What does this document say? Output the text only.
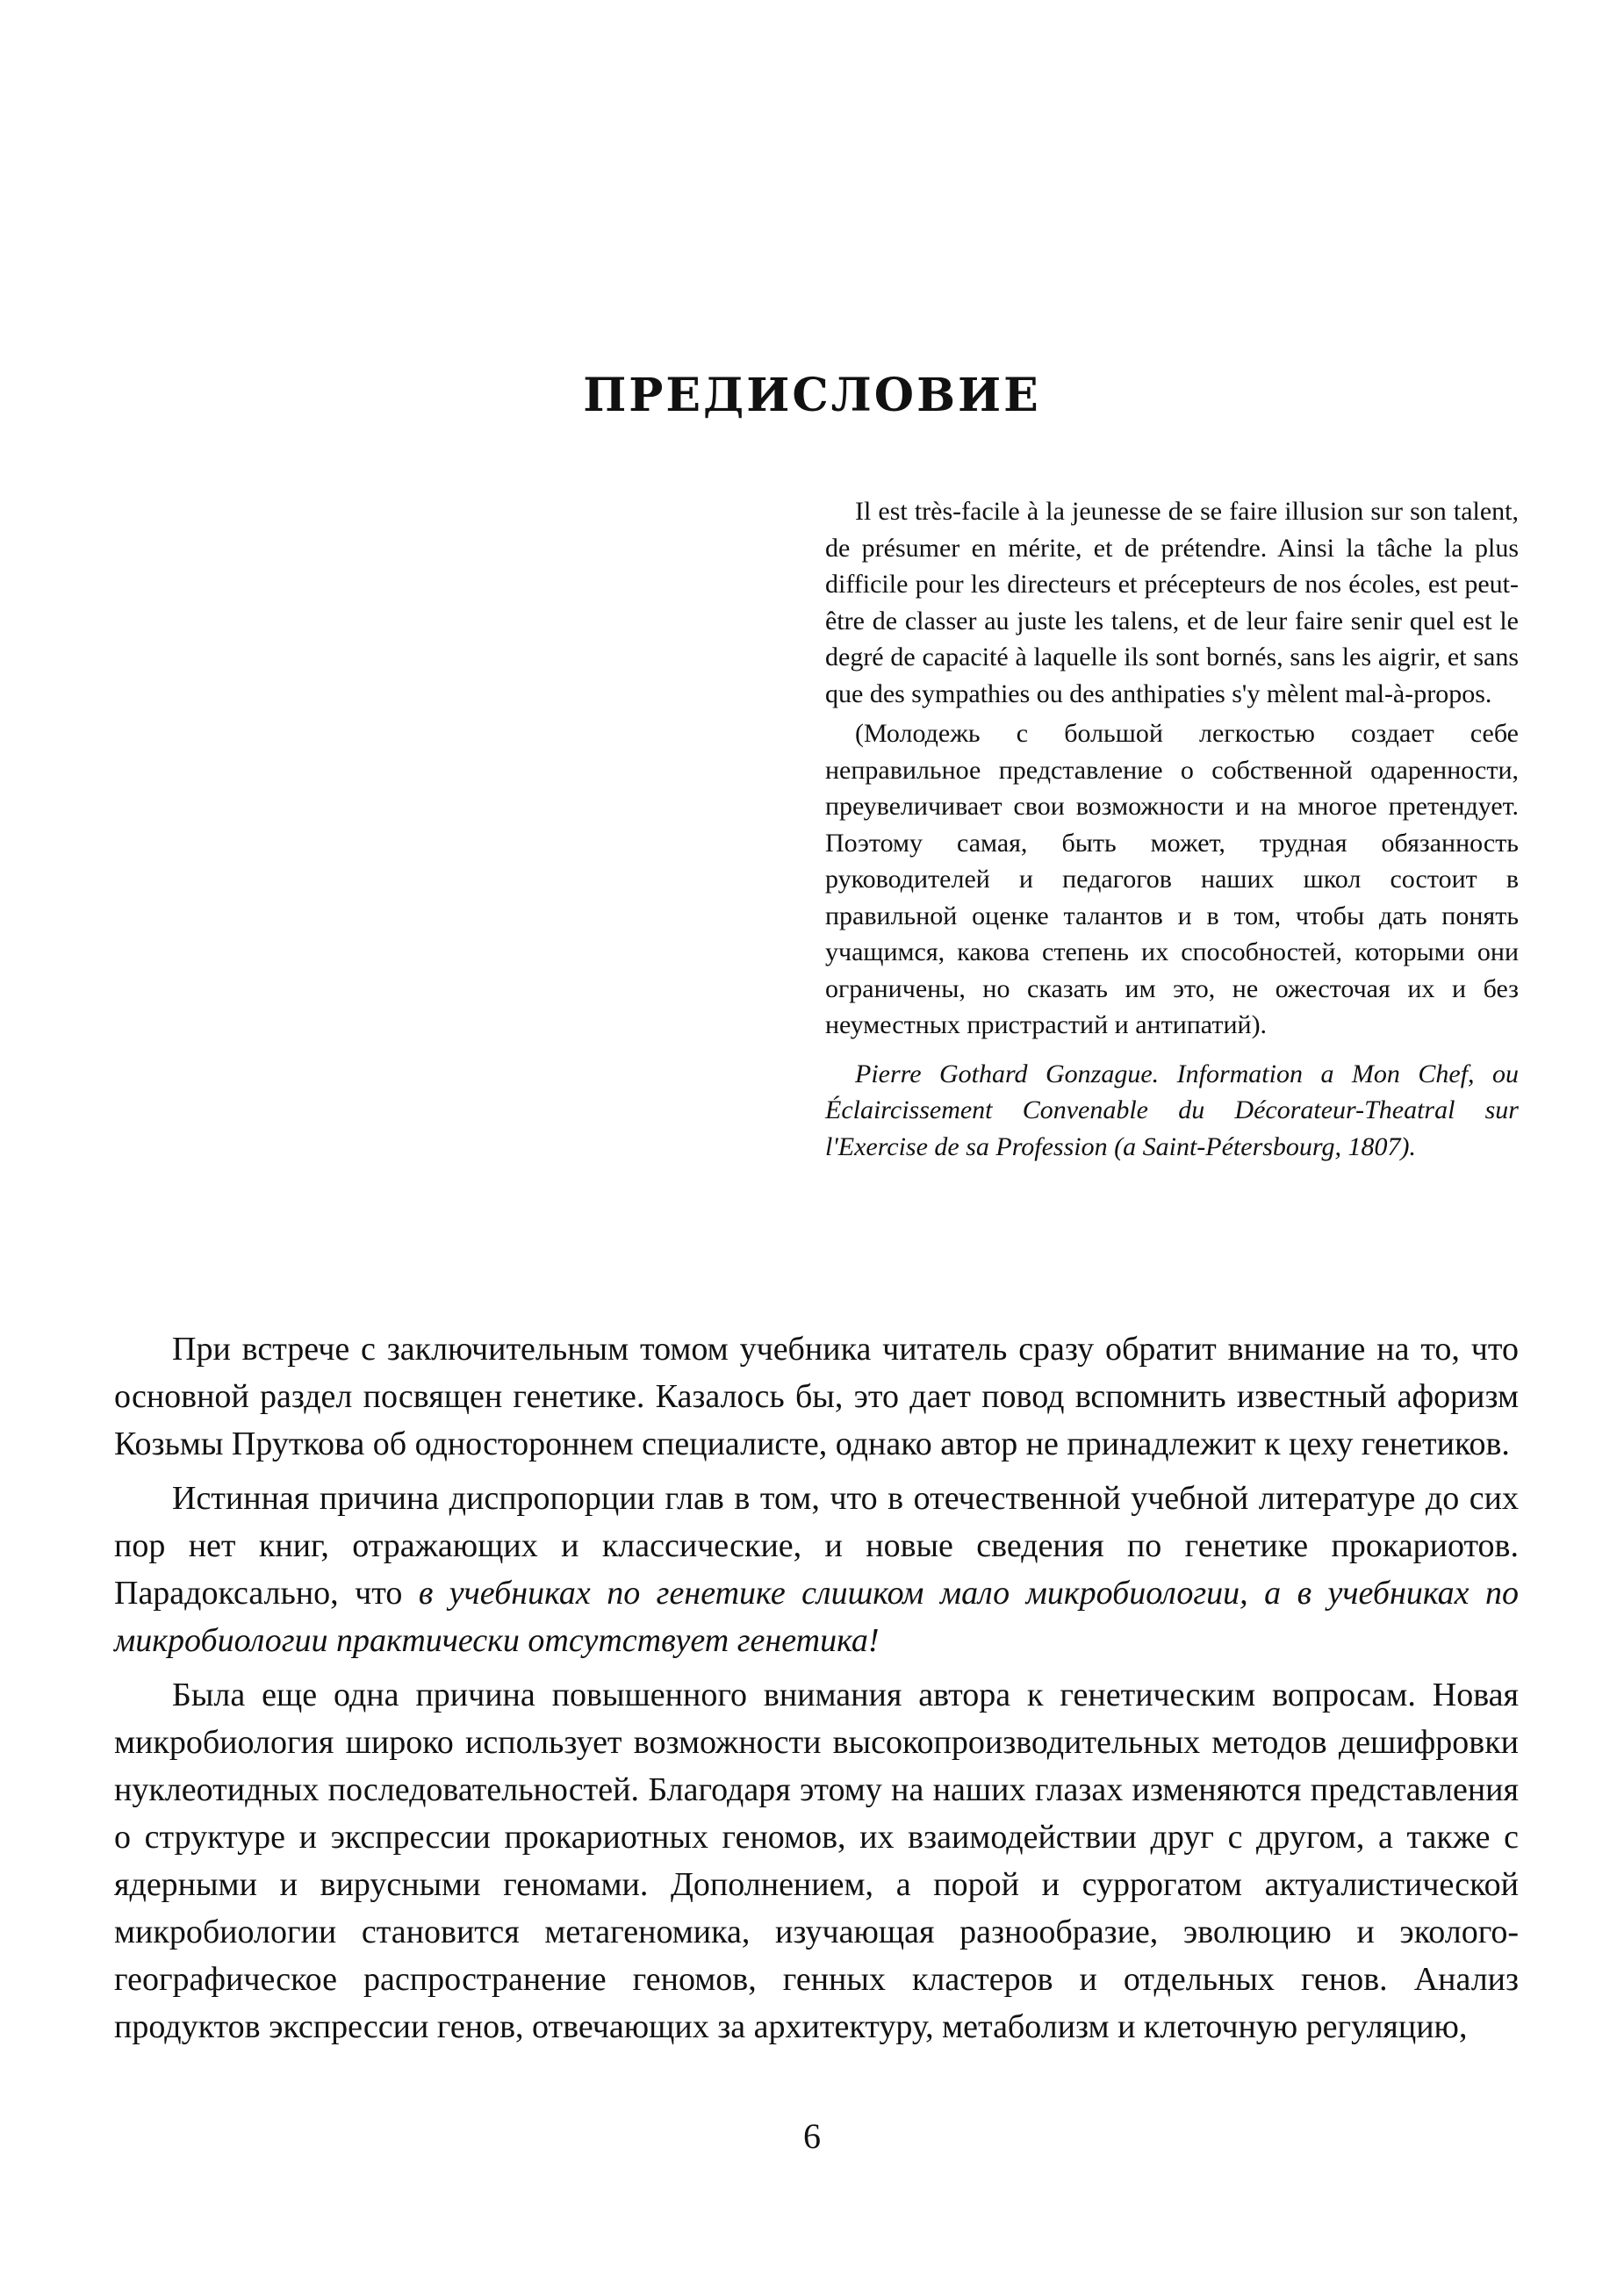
ПРЕДИСЛОВИЕ

Il est très-facile à la jeunesse de se faire illusion sur son talent, de présumer en mérite, et de prétendre. Ainsi la tâche la plus difficile pour les directeurs et précepteurs de nos écoles, est peut-être de classer au juste les talens, et de leur faire senir quel est le degré de capacité à laquelle ils sont bornés, sans les aigrir, et sans que des sympathies ou des anthipaties s'y mèlent mal-à-propos.

(Молодежь с большой легкостью создает себе неправильное представление о собственной одаренности, преувеличивает свои возможности и на многое претендует. Поэтому самая, быть может, трудная обязанность руководителей и педагогов наших школ состоит в правильной оценке талантов и в том, чтобы дать понять учащимся, какова степень их способностей, которыми они ограничены, но сказать им это, не ожесточая их и без неуместных пристрастий и антипатий).

Pierre Gothard Gonzague. Information a Mon Chef, ou Éclaircissement Convenable du Décorateur-Theatral sur l'Exercise de sa Profession (a Saint-Pétersbourg, 1807).

При встрече с заключительным томом учебника читатель сразу обратит внимание на то, что основной раздел посвящен генетике. Казалось бы, это дает повод вспомнить известный афоризм Козьмы Пруткова об одностороннем специалисте, однако автор не принадлежит к цеху генетиков.

Истинная причина диспропорции глав в том, что в отечественной учебной литературе до сих пор нет книг, отражающих и классические, и новые сведения по генетике прокариотов. Парадоксально, что в учебниках по генетике слишком мало микробиологии, а в учебниках по микробиологии практически отсутствует генетика!

Была еще одна причина повышенного внимания автора к генетическим вопросам. Новая микробиология широко использует возможности высокопроизводительных методов дешифровки нуклеотидных последовательностей. Благодаря этому на наших глазах изменяются представления о структуре и экспрессии прокариотных геномов, их взаимодействии друг с другом, а также с ядерными и вирусными геномами. Дополнением, а порой и суррогатом актуалистической микробиологии становится метагеномика, изучающая разнообразие, эволюцию и эколого-географическое распространение геномов, генных кластеров и отдельных генов. Анализ продуктов экспрессии генов, отвечающих за архитектуру, метаболизм и клеточную регуляцию,

6
